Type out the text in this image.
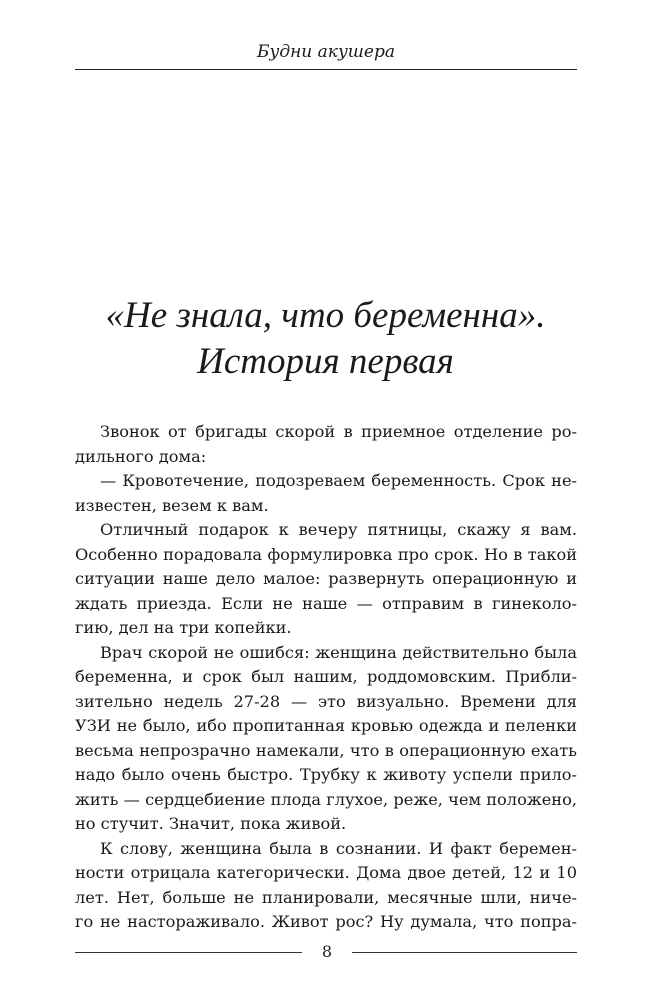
Будни акушера
«Не знала, что беременна».
История первая
Звонок от бригады скорой в приемное отделение ро-
дильного дома:
— Кровотечение, подозреваем беременность. Срок не-
известен, везем к вам.
Отличный подарок к вечеру пятницы, скажу я вам.
Особенно порадовала формулировка про срок. Но в такой
ситуации наше дело малое: развернуть операционную и
ждать приезда. Если не наше — отправим в гинеколо-
гию, дел на три копейки.
Врач скорой не ошибся: женщина действительно была
беременна, и срок был нашим, роддомовским. Прибли-
зительно недель 27-28 — это визуально. Времени для
УЗИ не было, ибо пропитанная кровью одежда и пеленки
весьма непрозрачно намекали, что в операционную ехать
надо было очень быстро. Трубку к животу успели прило-
жить — сердцебиение плода глухое, реже, чем положено,
но стучит. Значит, пока живой.
К слову, женщина была в сознании. И факт беремен-
ности отрицала категорически. Дома двое детей, 12 и 10
лет. Нет, больше не планировали, месячные шли, ниче-
го не настораживало. Живот рос? Ну думала, что попра-
8
